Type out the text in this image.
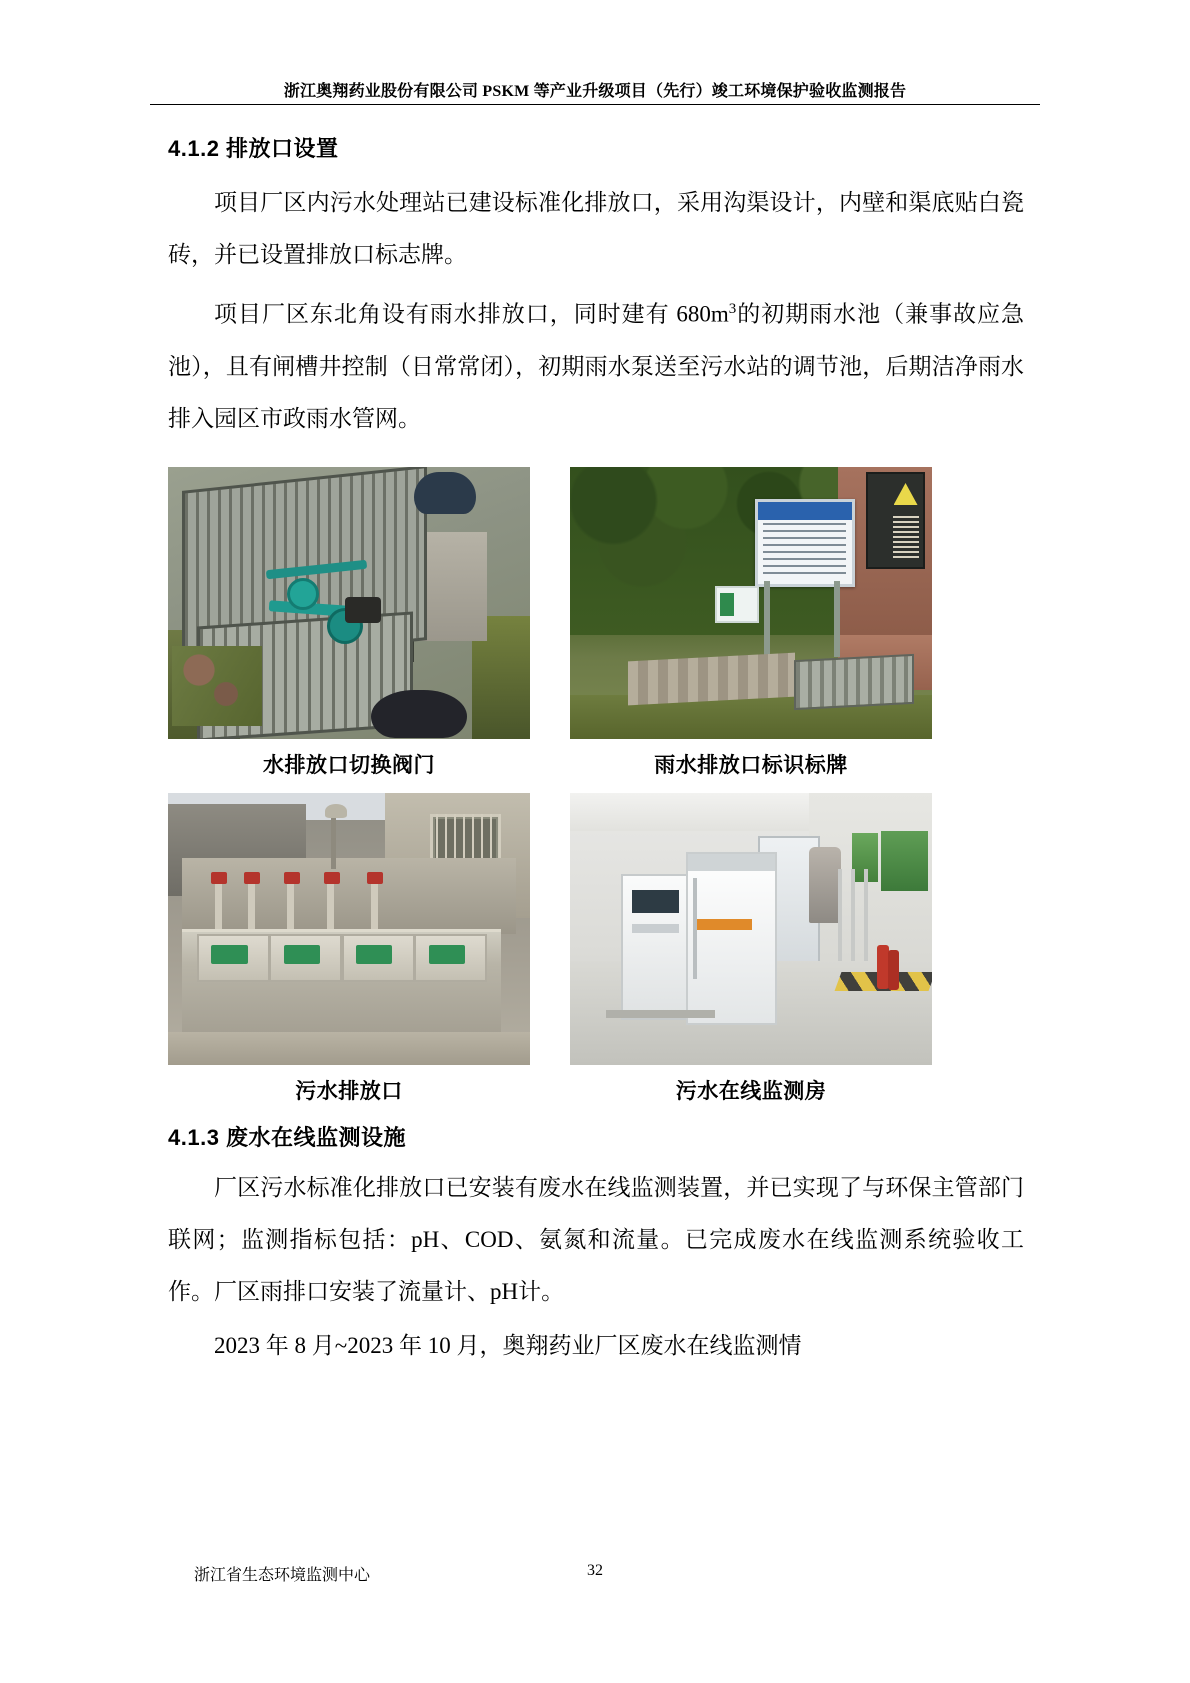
浙江奥翔药业股份有限公司 PSKM 等产业升级项目（先行）竣工环境保护验收监测报告
4.1.2 排放口设置

项目厂区内污水处理站已建设标准化排放口，采用沟渠设计，内壁和渠底贴白瓷砖，并已设置排放口标志牌。

项目厂区东北角设有雨水排放口，同时建有 $680m^3$的初期雨水池（兼事故应急池），且有闸槽井控制（日常常闭），初期雨水泵送至污水站的调节池，后期洁净雨水排入园区市政雨水管网。

水排放口切换阀门	雨水排放口标识标牌
污水排放口	污水在线监测房
4.1.3 废水在线监测设施

厂区污水标准化排放口已安装有废水在线监测装置，并已实现了与环保主管部门联网；监测指标包括：pH、COD、氨氮和流量。已完成废水在线监测系统验收工作。厂区雨排口安装了流量计、pH计。

2023 年 8 月~2023 年 10 月，奥翔药业厂区废水在线监测情

浙江省生态环境监测中心	32
